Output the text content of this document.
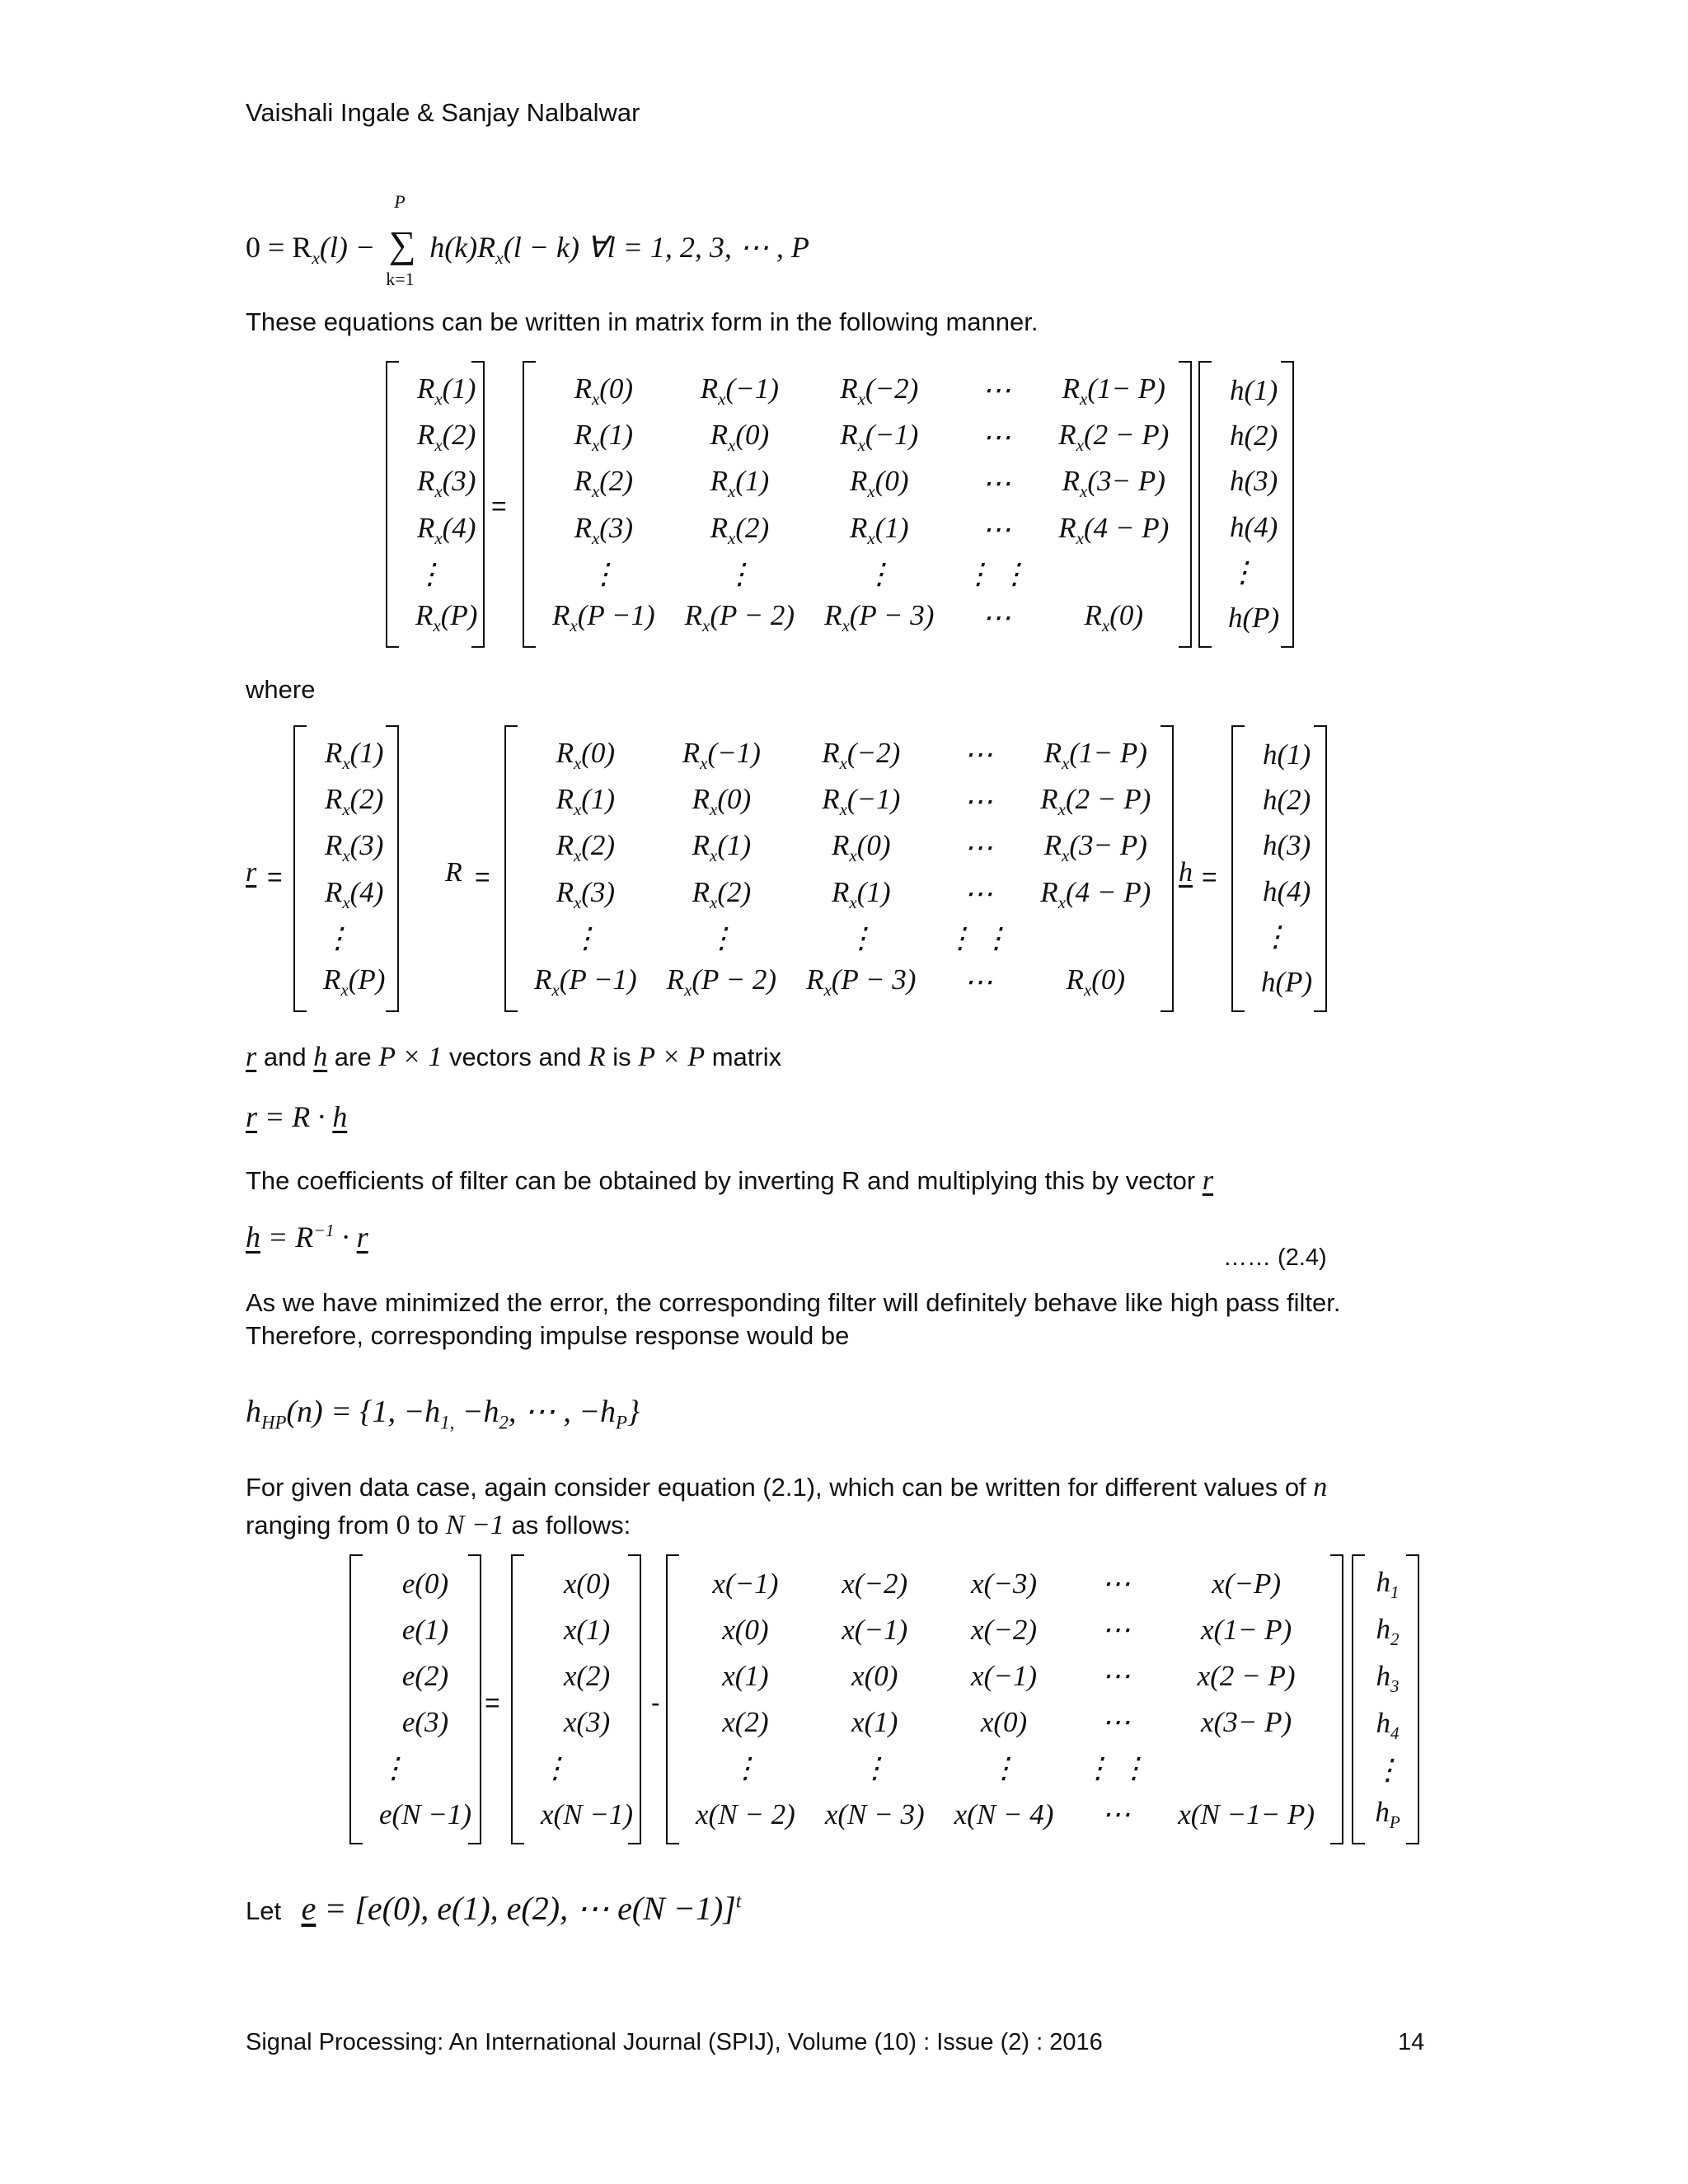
Vaishali Ingale & Sanjay Nalbalwar
$0 = R_x(l)$ −
P
∑
k=1
$h(k)R_x(l - k)$ ∀l = 1, 2, 3, ⋯ , P
These equations can be written in matrix form in the following manner.
$R_x(1)$
$R_x(2)$
$R_x(3)$
$R_x(4)$
⋮
$R_x(P)$
=
$R_x(0)$	$R_x(-1)$	$R_x(-2)$	⋯	$R_x(1- P)$
$R_x(1)$	$R_x(0)$	$R_x(-1)$	⋯	$R_x(2 - P)$
$R_x(2)$	$R_x(1)$	$R_x(0)$	⋯	$R_x(3- P)$
$R_x(3)$	$R_x(2)$	$R_x(1)$	⋯	$R_x(4 - P)$
⋮	⋮	⋮	⋮ ⋮	
$R_x(P -1)$	$R_x(P - 2)$	$R_x(P - 3)$	⋯	$R_x(0)$
h(1)
h(2)
h(3)
h(4)
⋮
h(P)
where
r =
$R_x(1)$
$R_x(2)$
$R_x(3)$
$R_x(4)$
⋮
$R_x(P)$
R =
$R_x(0)$	$R_x(-1)$	$R_x(-2)$	⋯	$R_x(1- P)$
$R_x(1)$	$R_x(0)$	$R_x(-1)$	⋯	$R_x(2 - P)$
$R_x(2)$	$R_x(1)$	$R_x(0)$	⋯	$R_x(3- P)$
$R_x(3)$	$R_x(2)$	$R_x(1)$	⋯	$R_x(4 - P)$
⋮	⋮	⋮	⋮ ⋮	
$R_x(P -1)$	$R_x(P - 2)$	$R_x(P - 3)$	⋯	$R_x(0)$
h =
h(1)
h(2)
h(3)
h(4)
⋮
h(P)
r and h are P × 1 vectors and R is P × P matrix
r = R · h
The coefficients of filter can be obtained by inverting R and multiplying this by vector r
$h = R^{-1} \cdot r$
…… (2.4)
As we have minimized the error, the corresponding filter will definitely behave like high pass filter.
Therefore, corresponding impulse response would be
$h_{HP}(n) = \{1$, $-h_{1,} -h_2$, ⋯ , $-h_P$}
For given data case, again consider equation (2.1), which can be written for different values of n
ranging from 0 to N −1 as follows:
e(0)
e(1)
e(2)
e(3)
⋮
e(N −1)
=
x(0)
x(1)
x(2)
x(3)
⋮
x(N −1)
-
x(−1)	x(−2)	x(−3)	⋯	x(−P)
x(0)	x(−1)	x(−2)	⋯	x(1− P)
x(1)	x(0)	x(−1)	⋯	x(2 − P)
x(2)	x(1)	x(0)	⋯	x(3− P)
⋮	⋮	⋮	⋮ ⋮	
x(N − 2)	x(N − 3)	x(N − 4)	⋯	x(N −1− P)
$h_1$
$h_2$
$h_3$
$h_4$
⋮
$h_P$
Let e = [e(0), e(1), e(2), ⋯ e(N −1)]$^t$
Signal Processing: An International Journal (SPIJ), Volume (10) : Issue (2) : 2016	14
